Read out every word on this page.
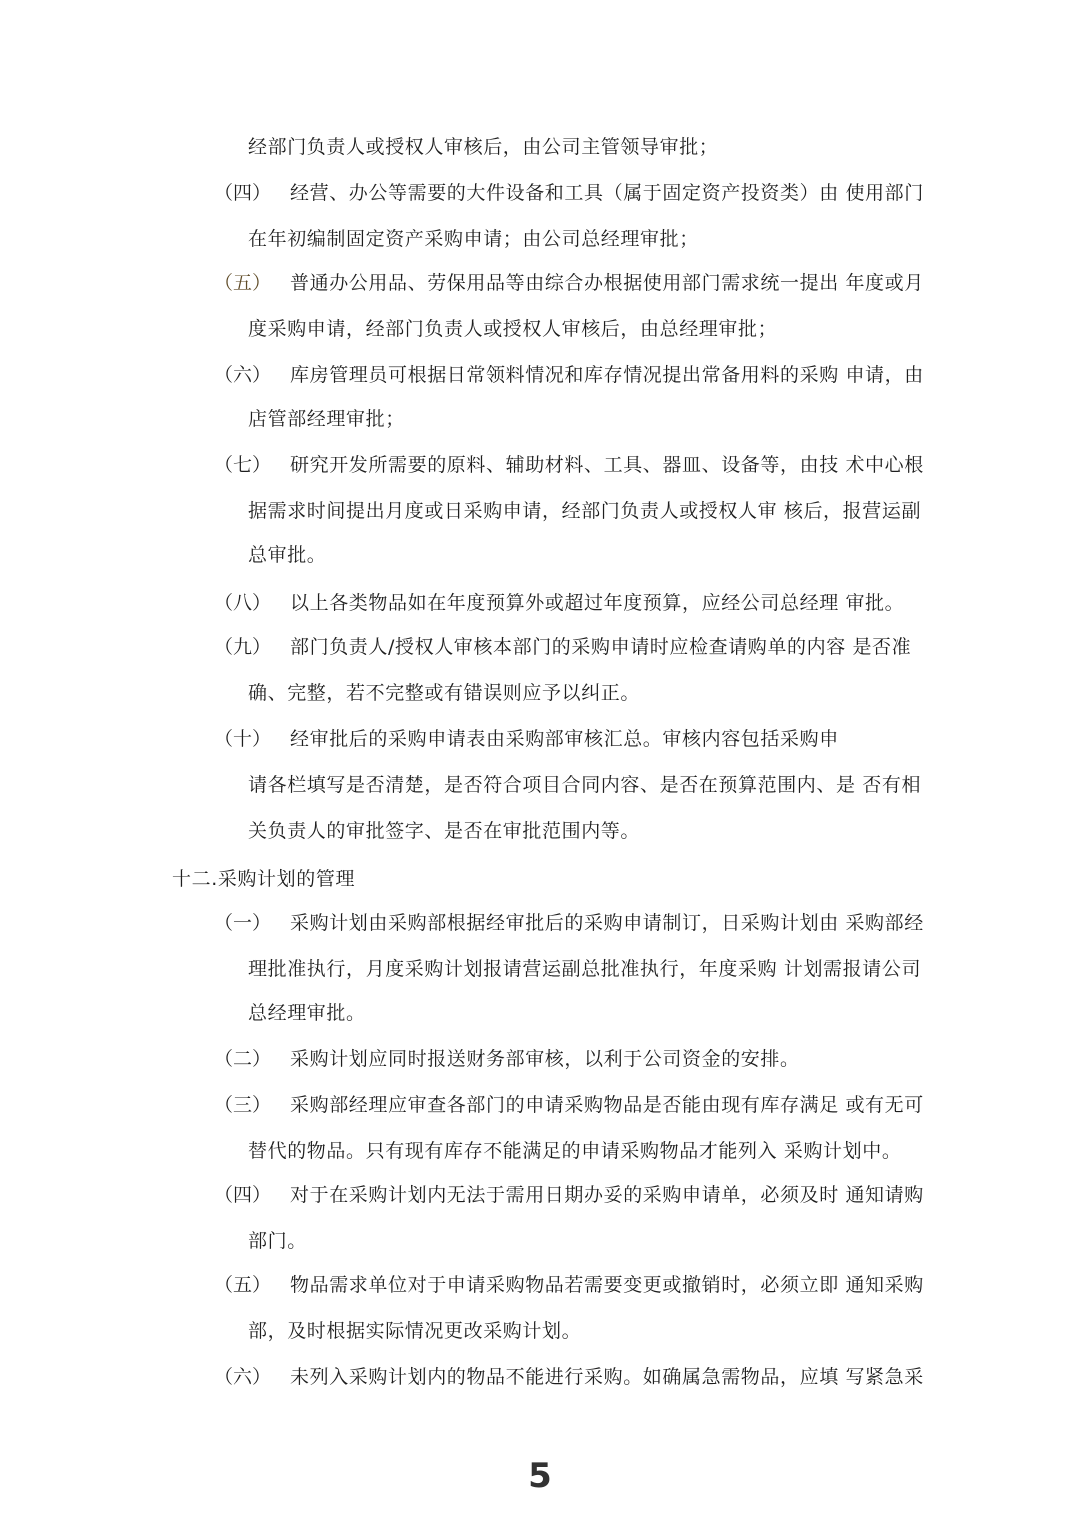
经部门负责人或授权人审核后，由公司主管领导审批；
（四） 经营、办公等需要的大件设备和工具（属于固定资产投资类）由 使用部门
在年初编制固定资产采购申请；由公司总经理审批；
（五） 普通办公用品、劳保用品等由综合办根据使用部门需求统一提出 年度或月
度采购申请，经部门负责人或授权人审核后，由总经理审批；
（六） 库房管理员可根据日常领料情况和库存情况提出常备用料的采购 申请，由
店管部经理审批；
（七） 研究开发所需要的原料、辅助材料、工具、器皿、设备等，由技 术中心根
据需求时间提出月度或日采购申请，经部门负责人或授权人审 核后，报营运副
总审批。
（八） 以上各类物品如在年度预算外或超过年度预算，应经公司总经理 审批。
（九） 部门负责人/授权人审核本部门的采购申请时应检查请购单的内容 是否准
确、完整，若不完整或有错误则应予以纠正。
（十） 经审批后的采购申请表由采购部审核汇总。审核内容包括采购申
请各栏填写是否清楚，是否符合项目合同内容、是否在预算范围内、是 否有相
关负责人的审批签字、是否在审批范围内等。
十二.采购计划的管理
（一） 采购计划由采购部根据经审批后的采购申请制订，日采购计划由 采购部经
理批准执行，月度采购计划报请营运副总批准执行，年度采购 计划需报请公司
总经理审批。
（二） 采购计划应同时报送财务部审核，以利于公司资金的安排。
（三） 采购部经理应审查各部门的申请采购物品是否能由现有库存满足 或有无可
替代的物品。只有现有库存不能满足的申请采购物品才能列入 采购计划中。
（四） 对于在采购计划内无法于需用日期办妥的采购申请单，必须及时 通知请购
部门。
（五） 物品需求单位对于申请采购物品若需要变更或撤销时，必须立即 通知采购
部，及时根据实际情况更改采购计划。
（六） 未列入采购计划内的物品不能进行采购。如确属急需物品，应填 写紧急采
5
